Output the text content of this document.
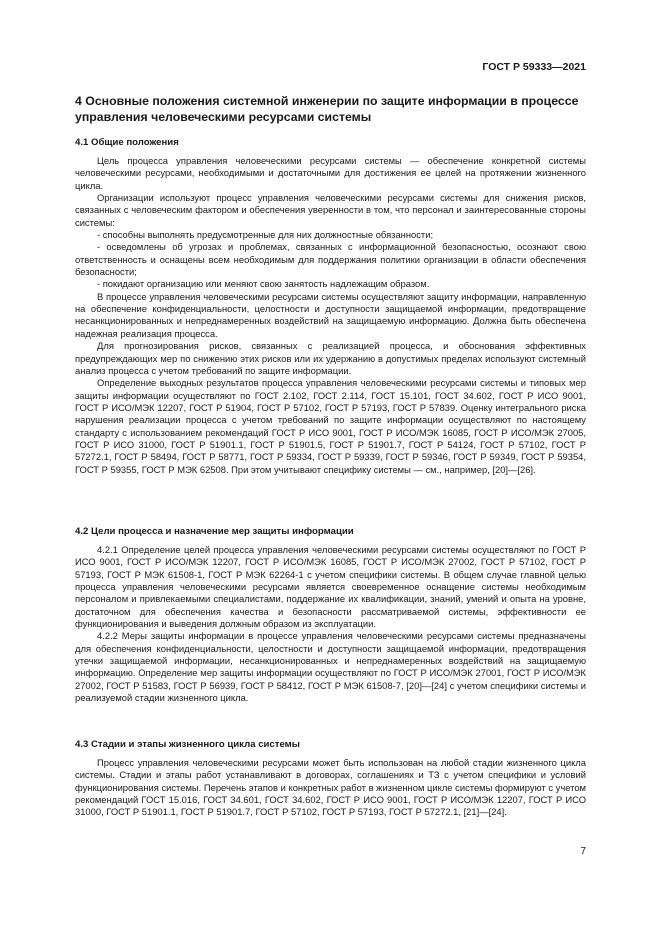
ГОСТ Р 59333—2021
4 Основные положения системной инженерии по защите информации в процессе управления человеческими ресурсами системы
4.1 Общие положения

Цель процесса управления человеческими ресурсами системы — обеспечение конкретной системы человеческими ресурсами, необходимыми и достаточными для достижения ее целей на протяжении жизненного цикла.

Организации используют процесс управления человеческими ресурсами системы для снижения рисков, связанных с человеческим фактором и обеспечения уверенности в том, что персонал и заинтересованные стороны системы:

- способны выполнять предусмотренные для них должностные обязанности;

- осведомлены об угрозах и проблемах, связанных с информационной безопасностью, осознают свою ответственность и оснащены всем необходимым для поддержания политики организации в области обеспечения безопасности;

- покидают организацию или меняют свою занятость надлежащим образом.

В процессе управления человеческими ресурсами системы осуществляют защиту информации, направленную на обеспечение конфиденциальности, целостности и доступности защищаемой информации, предотвращение несанкционированных и непреднамеренных воздействий на защищаемую информацию. Должна быть обеспечена надежная реализация процесса.

Для прогнозирования рисков, связанных с реализацией процесса, и обоснования эффективных предупреждающих мер по снижению этих рисков или их удержанию в допустимых пределах используют системный анализ процесса с учетом требований по защите информации.

Определение выходных результатов процесса управления человеческими ресурсами системы и типовых мер защиты информации осуществляют по ГОСТ 2.102, ГОСТ 2.114, ГОСТ 15.101, ГОСТ 34.602, ГОСТ Р ИСО 9001, ГОСТ Р ИСО/МЭК 12207, ГОСТ Р 51904, ГОСТ Р 57102, ГОСТ Р 57193, ГОСТ Р 57839. Оценку интегрального риска нарушения реализации процесса с учетом требований по защите информации осуществляют по настоящему стандарту с использованием рекомендаций ГОСТ Р ИСО 9001, ГОСТ Р ИСО/МЭК 16085, ГОСТ Р ИСО/МЭК 27005, ГОСТ Р ИСО 31000, ГОСТ Р 51901.1, ГОСТ Р 51901.5, ГОСТ Р 51901.7, ГОСТ Р 54124, ГОСТ Р 57102, ГОСТ Р 57272.1, ГОСТ Р 58494, ГОСТ Р 58771, ГОСТ Р 59334, ГОСТ Р 59339, ГОСТ Р 59346, ГОСТ Р 59349, ГОСТ Р 59354, ГОСТ Р 59355, ГОСТ Р МЭК 62508. При этом учитывают специфику системы — см., например, [20]—[26].

4.2 Цели процесса и назначение мер защиты информации

4.2.1 Определение целей процесса управления человеческими ресурсами системы осуществляют по ГОСТ Р ИСО 9001, ГОСТ Р ИСО/МЭК 12207, ГОСТ Р ИСО/МЭК 16085, ГОСТ Р ИСО/МЭК 27002, ГОСТ Р 57102, ГОСТ Р 57193, ГОСТ Р МЭК 61508-1, ГОСТ Р МЭК 62264-1 с учетом специфики системы. В общем случае главной целью процесса управления человеческими ресурсами является своевременное оснащение системы необходимым персоналом и привлекаемыми специалистами, поддержание их квалификации, знаний, умений и опыта на уровне, достаточном для обеспечения качества и безопасности рассматриваемой системы, эффективности ее функционирования и выведения должным образом из эксплуатации.

4.2.2 Меры защиты информации в процессе управления человеческими ресурсами системы предназначены для обеспечения конфиденциальности, целостности и доступности защищаемой информации, предотвращения утечки защищаемой информации, несанкционированных и непреднамеренных воздействий на защищаемую информацию. Определение мер защиты информации осуществляют по ГОСТ Р ИСО/МЭК 27001, ГОСТ Р ИСО/МЭК 27002, ГОСТ Р 51583, ГОСТ Р 56939, ГОСТ Р 58412, ГОСТ Р МЭК 61508-7, [20]—[24] с учетом специфики системы и реализуемой стадии жизненного цикла.

4.3 Стадии и этапы жизненного цикла системы

Процесс управления человеческими ресурсами может быть использован на любой стадии жизненного цикла системы. Стадии и этапы работ устанавливают в договорах, соглашениях и ТЗ с учетом специфики и условий функционирования системы. Перечень этапов и конкретных работ в жизненном цикле системы формируют с учетом рекомендаций ГОСТ 15.016, ГОСТ 34.601, ГОСТ 34.602, ГОСТ Р ИСО 9001, ГОСТ Р ИСО/МЭК 12207, ГОСТ Р ИСО 31000, ГОСТ Р 51901.1, ГОСТ Р 51901.7, ГОСТ Р 57102, ГОСТ Р 57193, ГОСТ Р 57272.1, [21]—[24].

7
